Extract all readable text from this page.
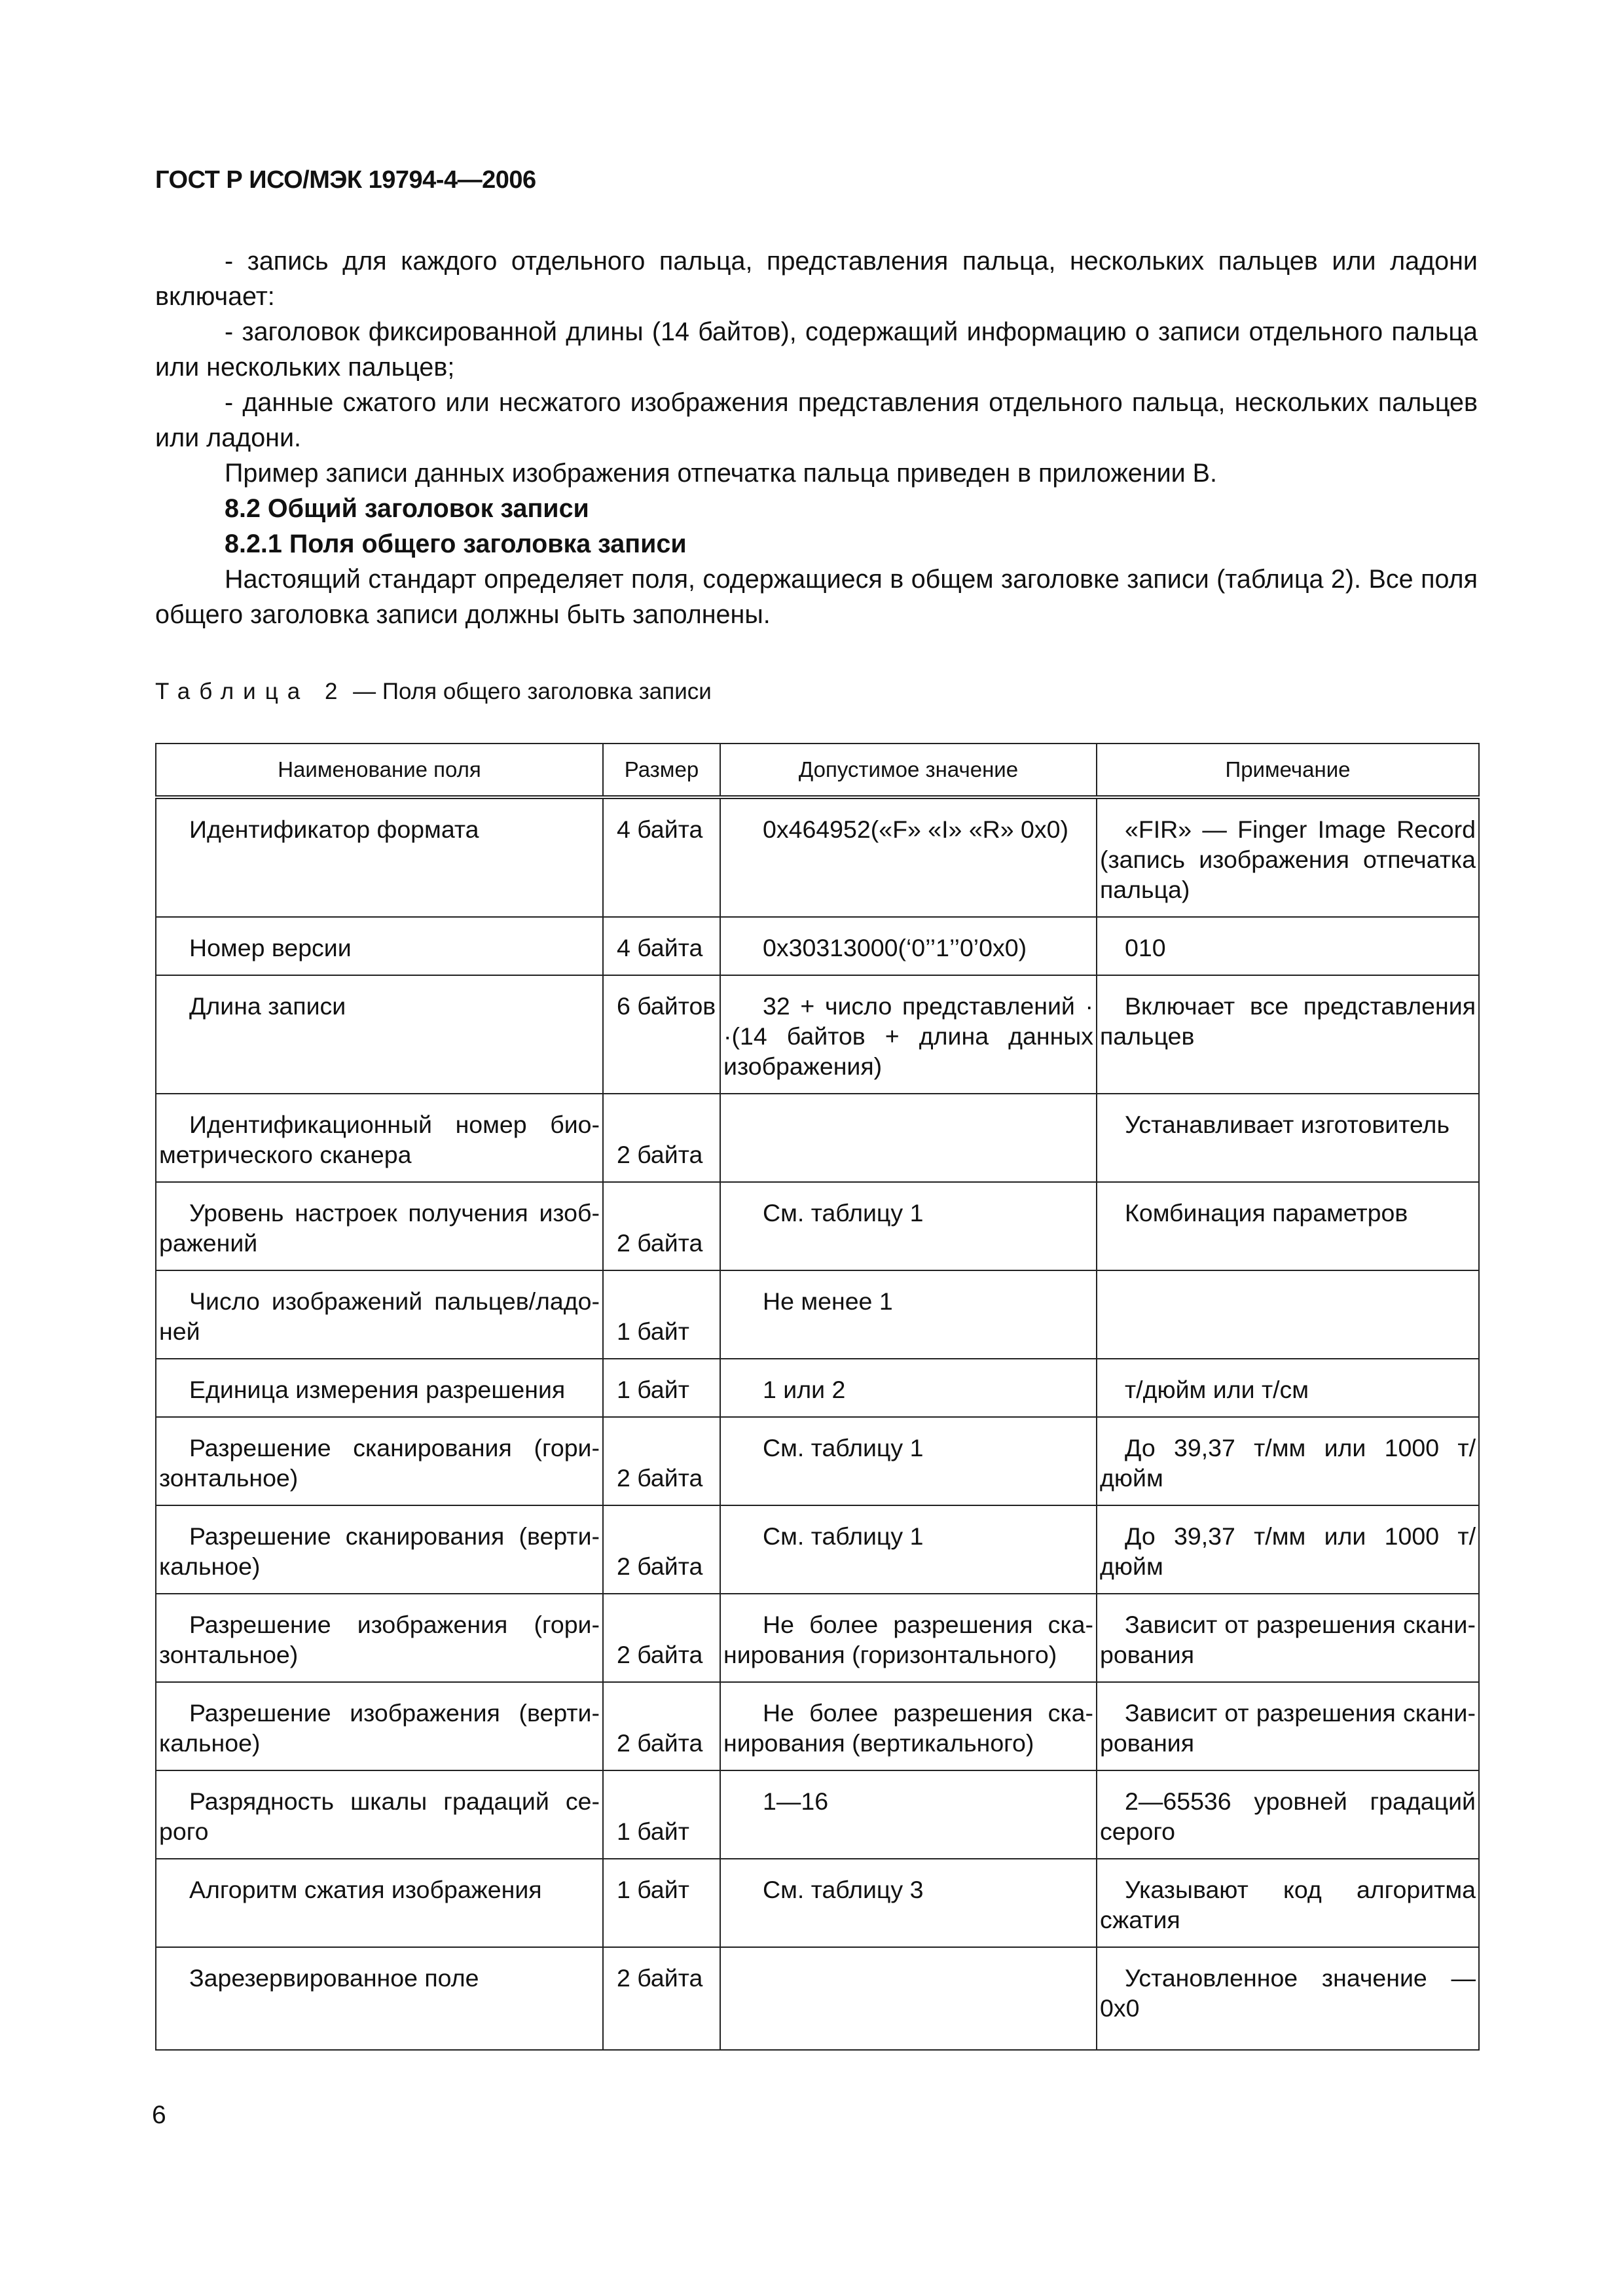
ГОСТ Р ИСО/МЭК 19794-4—2006

- запись для каждого отдельного пальца, представления пальца, нескольких пальцев или ладони включает:

- заголовок фиксированной длины (14 байтов), содержащий информацию о записи отдельного пальца или нескольких пальцев;

- данные сжатого или несжатого изображения представления отдельного пальца, нескольких пальцев или ладони.

Пример записи данных изображения отпечатка пальца приведен в приложении В.

8.2 Общий заголовок записи

8.2.1 Поля общего заголовка записи

Настоящий стандарт определяет поля, содержащиеся в общем заголовке записи (таблица 2). Все поля общего заголовка записи должны быть заполнены.

Таблица 2 — Поля общего заголовка записи
Наименование поля	Размер	Допустимое значение	Примечание
Идентификатор формата	4 байта	0x464952(«F» «I» «R» 0x0)	«FIR» — Finger Image Record (запись изображения отпечатка пальца)
Номер версии	4 байта	0x30313000(‘0’’1’’0’0x0)	010
Длина записи	6 байтов	32 + число представлений · ·(14 байтов + длина данных изображения)	Включает все представления пальцев
Идентификационный номер био-метрического сканера	2 байта		Устанавливает изготовитель
Уровень настроек получения изоб-ражений	2 байта	См. таблицу 1	Комбинация параметров
Число изображений пальцев/ладо-ней	1 байт	Не менее 1	
Единица измерения разрешения	1 байт	1 или 2	т/дюйм или т/см
Разрешение сканирования (гори-зонтальное)	2 байта	См. таблицу 1	До 39,37 т/мм или 1000 т/дюйм
Разрешение сканирования (верти-кальное)	2 байта	См. таблицу 1	До 39,37 т/мм или 1000 т/дюйм
Разрешение изображения (гори-зонтальное)	2 байта	Не более разрешения ска-нирования (горизонтального)	Зависит от разрешения скани-рования
Разрешение изображения (верти-кальное)	2 байта	Не более разрешения ска-нирования (вертикального)	Зависит от разрешения скани-рования
Разрядность шкалы градаций се-рого	1 байт	1—16	2—65536 уровней градаций серого
Алгоритм сжатия изображения	1 байт	См. таблицу 3	Указывают код алгоритма сжатия
Зарезервированное поле	2 байта		Установленное значение — 0x0
6
